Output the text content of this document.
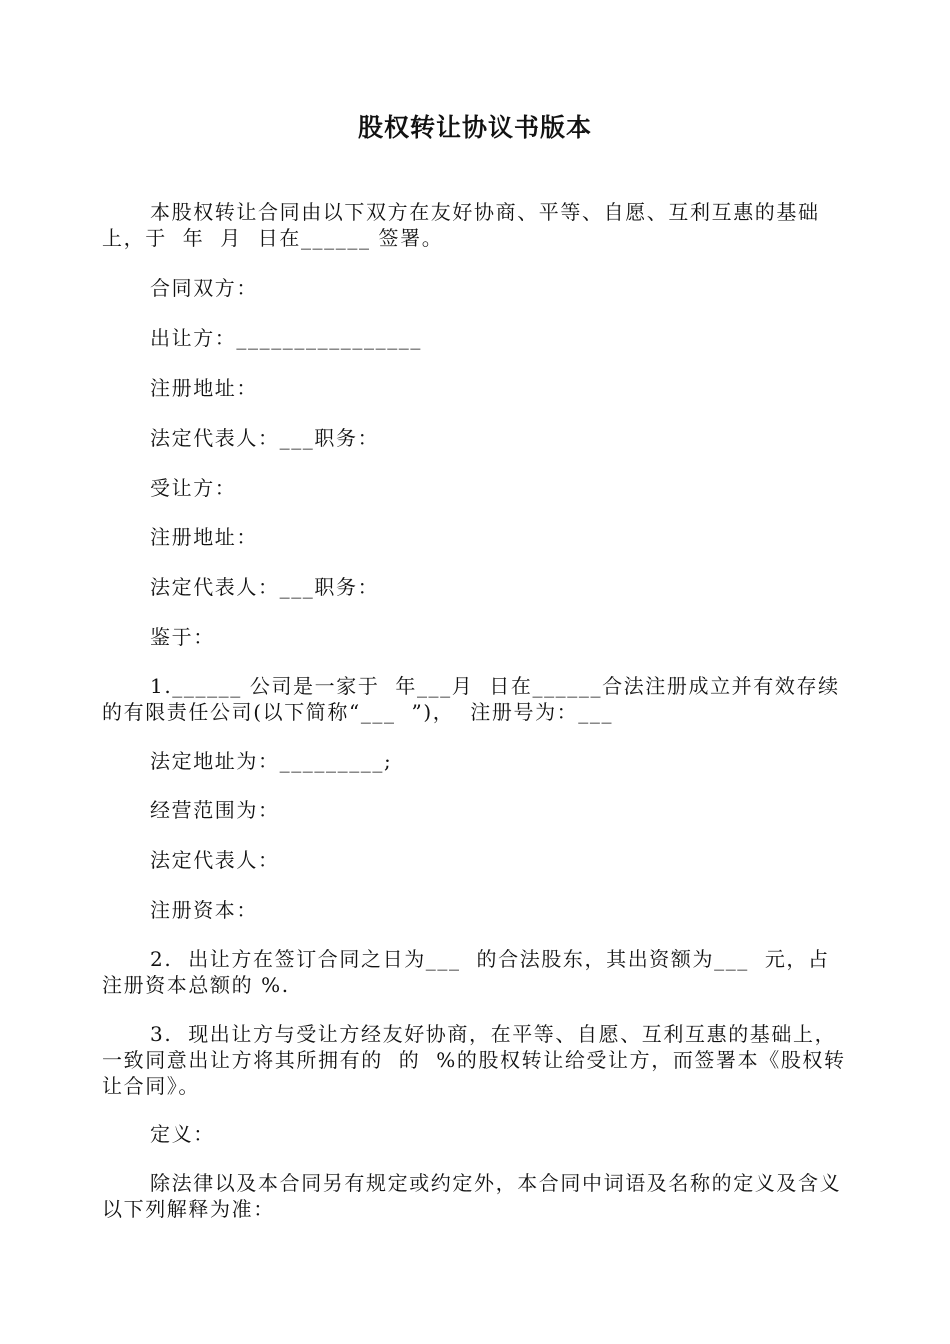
股权转让协议书版本
本股权转让合同由以下双方在友好协商、平等、自愿、互利互惠的基础上，于  年  月  日在______ 签署。
合同双方：
出让方：________________
注册地址：
法定代表人：___职务：
受让方：
注册地址：
法定代表人：___职务：
鉴于：
1.______ 公司是一家于  年___月  日在______合法注册成立并有效存续的有限责任公司(以下简称“___  ”)，  注册号为：___
法定地址为：_________;
经营范围为：
法定代表人：
注册资本：
2.  出让方在签订合同之日为___  的合法股东，其出资额为___  元，占  注册资本总额的 %.
3.  现出让方与受让方经友好协商，在平等、自愿、互利互惠的基础上，一致同意出让方将其所拥有的  的  %的股权转让给受让方，而签署本《股权转让合同》。
定义：
除法律以及本合同另有规定或约定外，本合同中词语及名称的定义及含义以下列解释为准：
